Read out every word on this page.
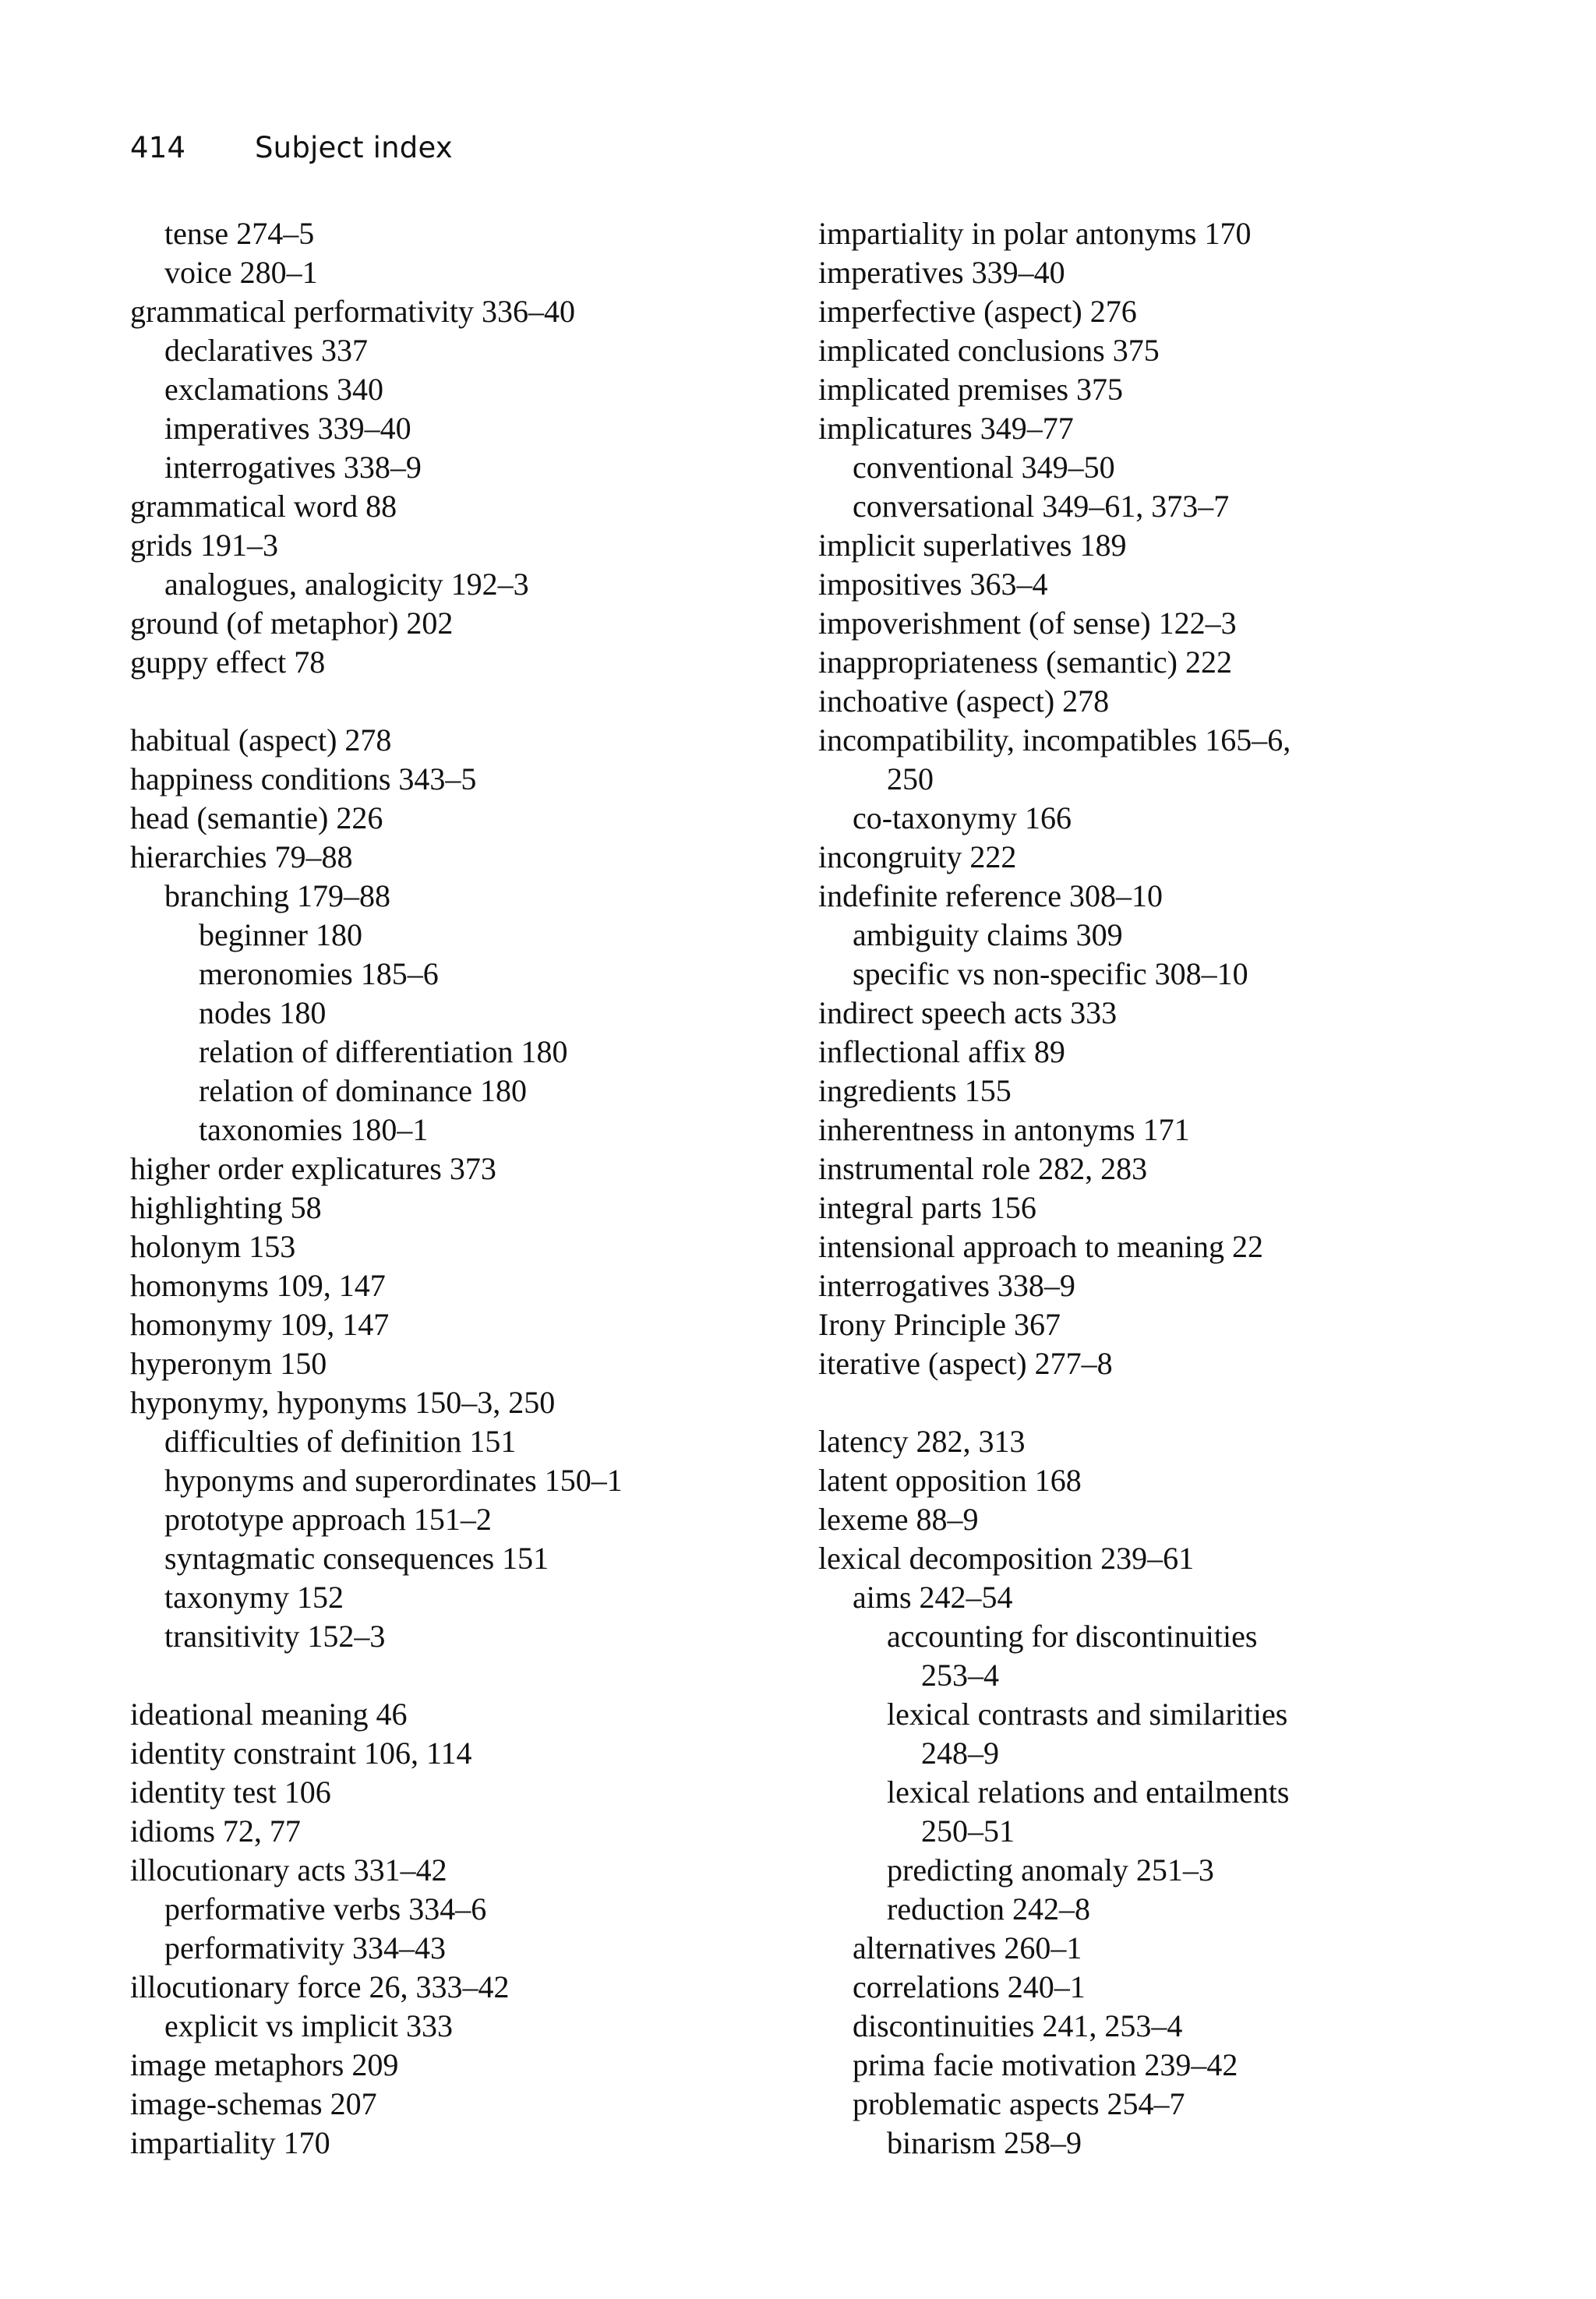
414 Subject index
tense 274–5
voice 280–1
grammatical performativity 336–40
declaratives 337
exclamations 340
imperatives 339–40
interrogatives 338–9
grammatical word 88
grids 191–3
analogues, analogicity 192–3
ground (of metaphor) 202
guppy effect 78
habitual (aspect) 278
happiness conditions 343–5
head (semantie) 226
hierarchies 79–88
branching 179–88
beginner 180
meronomies 185–6
nodes 180
relation of differentiation 180
relation of dominance 180
taxonomies 180–1
higher order explicatures 373
highlighting 58
holonym 153
homonyms 109, 147
homonymy 109, 147
hyperonym 150
hyponymy, hyponyms 150–3, 250
difficulties of definition 151
hyponyms and superordinates 150–1
prototype approach 151–2
syntagmatic consequences 151
taxonymy 152
transitivity 152–3
ideational meaning 46
identity constraint 106, 114
identity test 106
idioms 72, 77
illocutionary acts 331–42
performative verbs 334–6
performativity 334–43
illocutionary force 26, 333–42
explicit vs implicit 333
image metaphors 209
image-schemas 207
impartiality 170
impartiality in polar antonyms 170
imperatives 339–40
imperfective (aspect) 276
implicated conclusions 375
implicated premises 375
implicatures 349–77
conventional 349–50
conversational 349–61, 373–7
implicit superlatives 189
impositives 363–4
impoverishment (of sense) 122–3
inappropriateness (semantic) 222
inchoative (aspect) 278
incompatibility, incompatibles 165–6,
250
co-taxonymy 166
incongruity 222
indefinite reference 308–10
ambiguity claims 309
specific vs non-specific 308–10
indirect speech acts 333
inflectional affix 89
ingredients 155
inherentness in antonyms 171
instrumental role 282, 283
integral parts 156
intensional approach to meaning 22
interrogatives 338–9
Irony Principle 367
iterative (aspect) 277–8
latency 282, 313
latent opposition 168
lexeme 88–9
lexical decomposition 239–61
aims 242–54
accounting for discontinuities
253–4
lexical contrasts and similarities
248–9
lexical relations and entailments
250–51
predicting anomaly 251–3
reduction 242–8
alternatives 260–1
correlations 240–1
discontinuities 241, 253–4
prima facie motivation 239–42
problematic aspects 254–7
binarism 258–9
